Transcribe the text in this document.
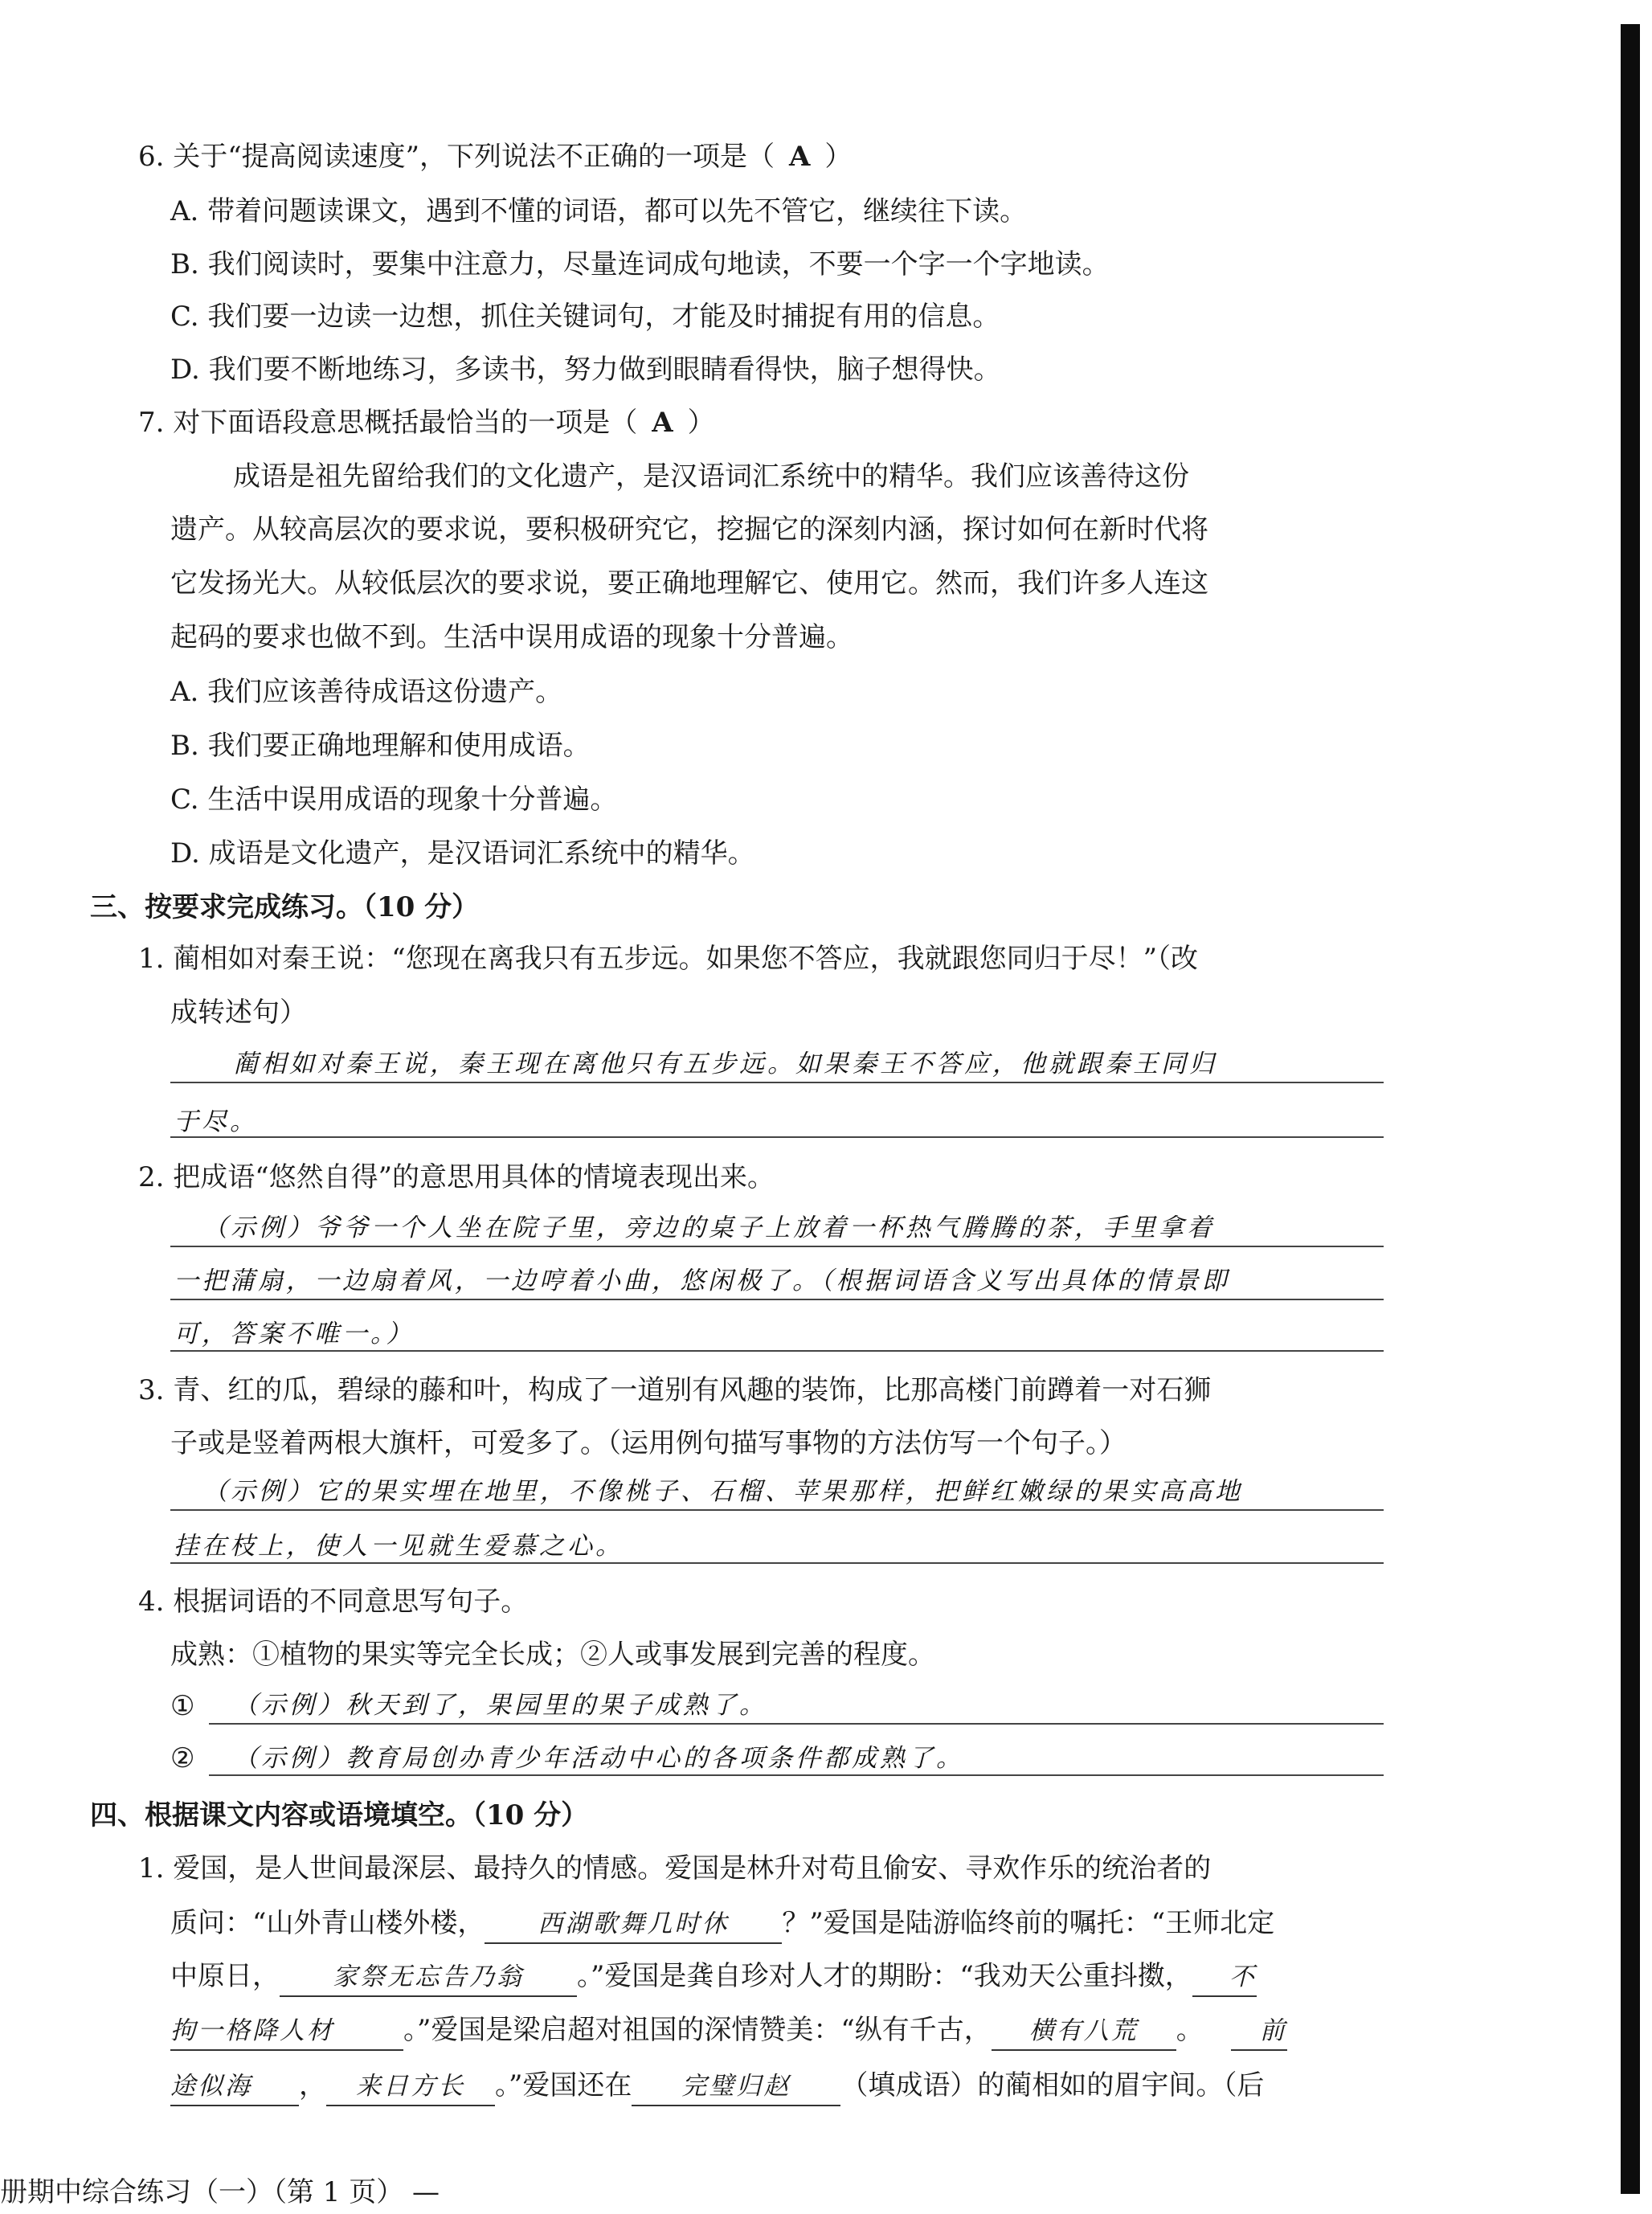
6. 关于“提高阅读速度”，下列说法不正确的一项是（ A ）
A. 带着问题读课文，遇到不懂的词语，都可以先不管它，继续往下读。
B. 我们阅读时，要集中注意力，尽量连词成句地读，不要一个字一个字地读。
C. 我们要一边读一边想，抓住关键词句，才能及时捕捉有用的信息。
D. 我们要不断地练习，多读书，努力做到眼睛看得快，脑子想得快。
7. 对下面语段意思概括最恰当的一项是（ A ）
成语是祖先留给我们的文化遗产，是汉语词汇系统中的精华。我们应该善待这份
遗产。从较高层次的要求说，要积极研究它，挖掘它的深刻内涵，探讨如何在新时代将
它发扬光大。从较低层次的要求说，要正确地理解它、使用它。然而，我们许多人连这
起码的要求也做不到。生活中误用成语的现象十分普遍。
A. 我们应该善待成语这份遗产。
B. 我们要正确地理解和使用成语。
C. 生活中误用成语的现象十分普遍。
D. 成语是文化遗产，是汉语词汇系统中的精华。
三、按要求完成练习。（10 分）
1. 蔺相如对秦王说：“您现在离我只有五步远。如果您不答应，我就跟您同归于尽！”（改
成转述句）
蔺相如对秦王说，秦王现在离他只有五步远。如果秦王不答应，他就跟秦王同归
于尽。
2. 把成语“悠然自得”的意思用具体的情境表现出来。
（示例）爷爷一个人坐在院子里，旁边的桌子上放着一杯热气腾腾的茶，手里拿着
一把蒲扇，一边扇着风，一边哼着小曲，悠闲极了。（根据词语含义写出具体的情景即
可，答案不唯一。）
3. 青、红的瓜，碧绿的藤和叶，构成了一道别有风趣的装饰，比那高楼门前蹲着一对石狮
子或是竖着两根大旗杆，可爱多了。（运用例句描写事物的方法仿写一个句子。）
（示例）它的果实埋在地里，不像桃子、石榴、苹果那样，把鲜红嫩绿的果实高高地
挂在枝上，使人一见就生爱慕之心。
4. 根据词语的不同意思写句子。
成熟：①植物的果实等完全长成；②人或事发展到完善的程度。
① （示例）秋天到了，果园里的果子成熟了。
② （示例）教育局创办青少年活动中心的各项条件都成熟了。
四、根据课文内容或语境填空。（10 分）
1. 爱国，是人世间最深层、最持久的情感。爱国是林升对苟且偷安、寻欢作乐的统治者的
质问：“山外青山楼外楼， 西湖歌舞几时休 ？”爱国是陆游临终前的嘱托：“王师北定
中原日， 家祭无忘告乃翁 。”爱国是龚自珍对人才的期盼：“我劝天公重抖擞， 不
拘一格降人材	。”爱国是梁启超对祖国的深情赞美：“纵有千古， 横有八荒 。 前
途似海 ， 来日方长 。”爱国还在 完璧归赵 （填成语）的蔺相如的眉宇间。（后
册期中综合练习（一）（第 1 页） —
